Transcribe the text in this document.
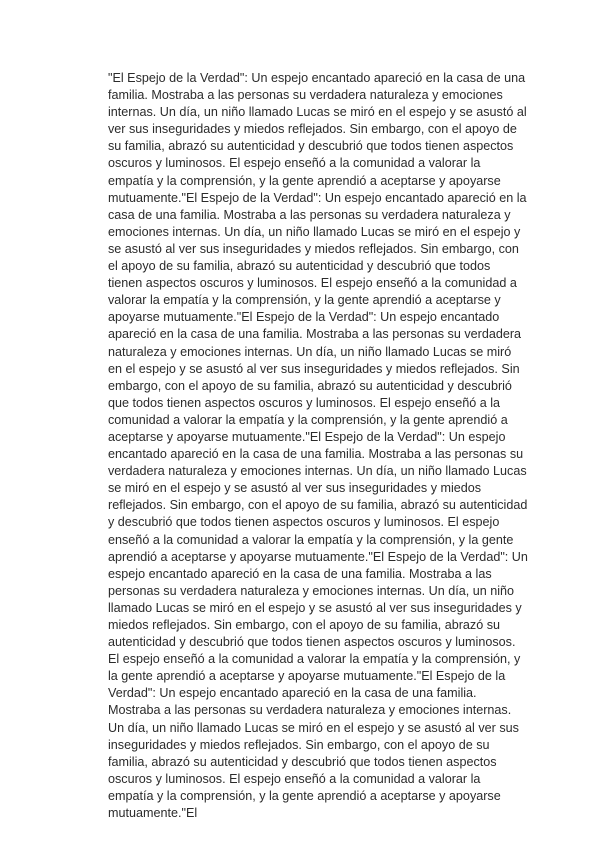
"El Espejo de la Verdad": Un espejo encantado apareció en la casa de una familia. Mostraba a las personas su verdadera naturaleza y emociones internas. Un día, un niño llamado Lucas se miró en el espejo y se asustó al ver sus inseguridades y miedos reflejados. Sin embargo, con el apoyo de su familia, abrazó su autenticidad y descubrió que todos tienen aspectos oscuros y luminosos. El espejo enseñó a la comunidad a valorar la empatía y la comprensión, y la gente aprendió a aceptarse y apoyarse mutuamente."El Espejo de la Verdad": Un espejo encantado apareció en la casa de una familia. Mostraba a las personas su verdadera naturaleza y emociones internas. Un día, un niño llamado Lucas se miró en el espejo y se asustó al ver sus inseguridades y miedos reflejados. Sin embargo, con el apoyo de su familia, abrazó su autenticidad y descubrió que todos tienen aspectos oscuros y luminosos. El espejo enseñó a la comunidad a valorar la empatía y la comprensión, y la gente aprendió a aceptarse y apoyarse mutuamente."El Espejo de la Verdad": Un espejo encantado apareció en la casa de una familia. Mostraba a las personas su verdadera naturaleza y emociones internas. Un día, un niño llamado Lucas se miró en el espejo y se asustó al ver sus inseguridades y miedos reflejados. Sin embargo, con el apoyo de su familia, abrazó su autenticidad y descubrió que todos tienen aspectos oscuros y luminosos. El espejo enseñó a la comunidad a valorar la empatía y la comprensión, y la gente aprendió a aceptarse y apoyarse mutuamente."El Espejo de la Verdad": Un espejo encantado apareció en la casa de una familia. Mostraba a las personas su verdadera naturaleza y emociones internas. Un día, un niño llamado Lucas se miró en el espejo y se asustó al ver sus inseguridades y miedos reflejados. Sin embargo, con el apoyo de su familia, abrazó su autenticidad y descubrió que todos tienen aspectos oscuros y luminosos. El espejo enseñó a la comunidad a valorar la empatía y la comprensión, y la gente aprendió a aceptarse y apoyarse mutuamente."El Espejo de la Verdad": Un espejo encantado apareció en la casa de una familia. Mostraba a las personas su verdadera naturaleza y emociones internas. Un día, un niño llamado Lucas se miró en el espejo y se asustó al ver sus inseguridades y miedos reflejados. Sin embargo, con el apoyo de su familia, abrazó su autenticidad y descubrió que todos tienen aspectos oscuros y luminosos. El espejo enseñó a la comunidad a valorar la empatía y la comprensión, y la gente aprendió a aceptarse y apoyarse mutuamente."El Espejo de la Verdad": Un espejo encantado apareció en la casa de una familia. Mostraba a las personas su verdadera naturaleza y emociones internas. Un día, un niño llamado Lucas se miró en el espejo y se asustó al ver sus inseguridades y miedos reflejados. Sin embargo, con el apoyo de su familia, abrazó su autenticidad y descubrió que todos tienen aspectos oscuros y luminosos. El espejo enseñó a la comunidad a valorar la empatía y la comprensión, y la gente aprendió a aceptarse y apoyarse mutuamente."El
